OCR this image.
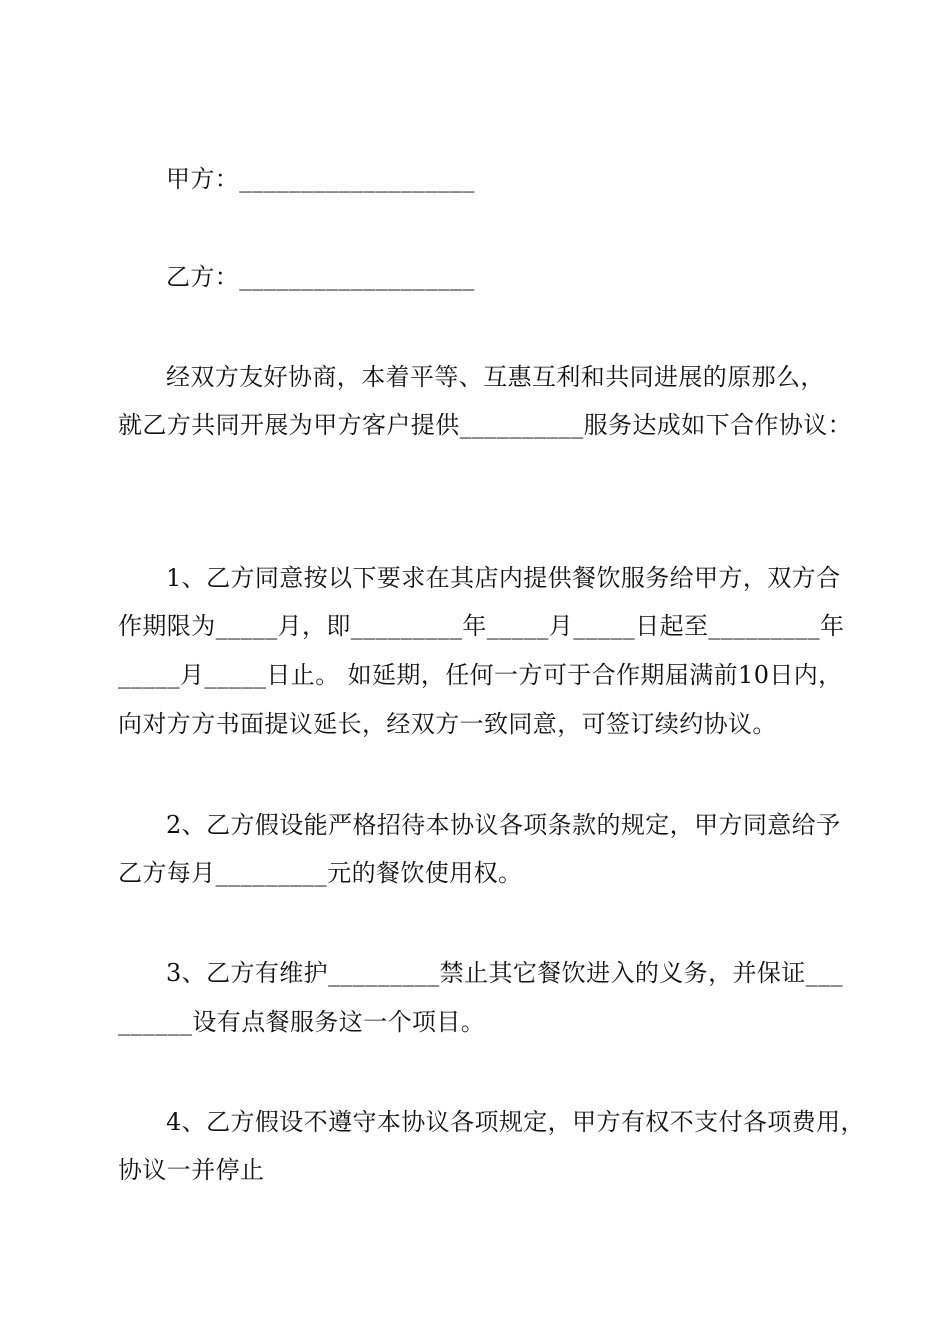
甲方：___________________
乙方：___________________
经双方友好协商，本着平等、互惠互利和共同进展的原那么，
就乙方共同开展为甲方客户提供__________服务达成如下合作协议：
1、乙方同意按以下要求在其店内提供餐饮服务给甲方，双方合
作期限为_____月，即_________年_____月_____日起至_________年
_____月_____日止。 如延期，任何一方可于合作期届满前10日内，
向对方方书面提议延长，经双方一致同意，可签订续约协议。
2、乙方假设能严格招待本协议各项条款的规定，甲方同意给予
乙方每月_________元的餐饮使用权。
3、乙方有维护_________禁止其它餐饮进入的义务，并保证___
______设有点餐服务这一个项目。
4、乙方假设不遵守本协议各项规定，甲方有权不支付各项费用，
协议一并停止
